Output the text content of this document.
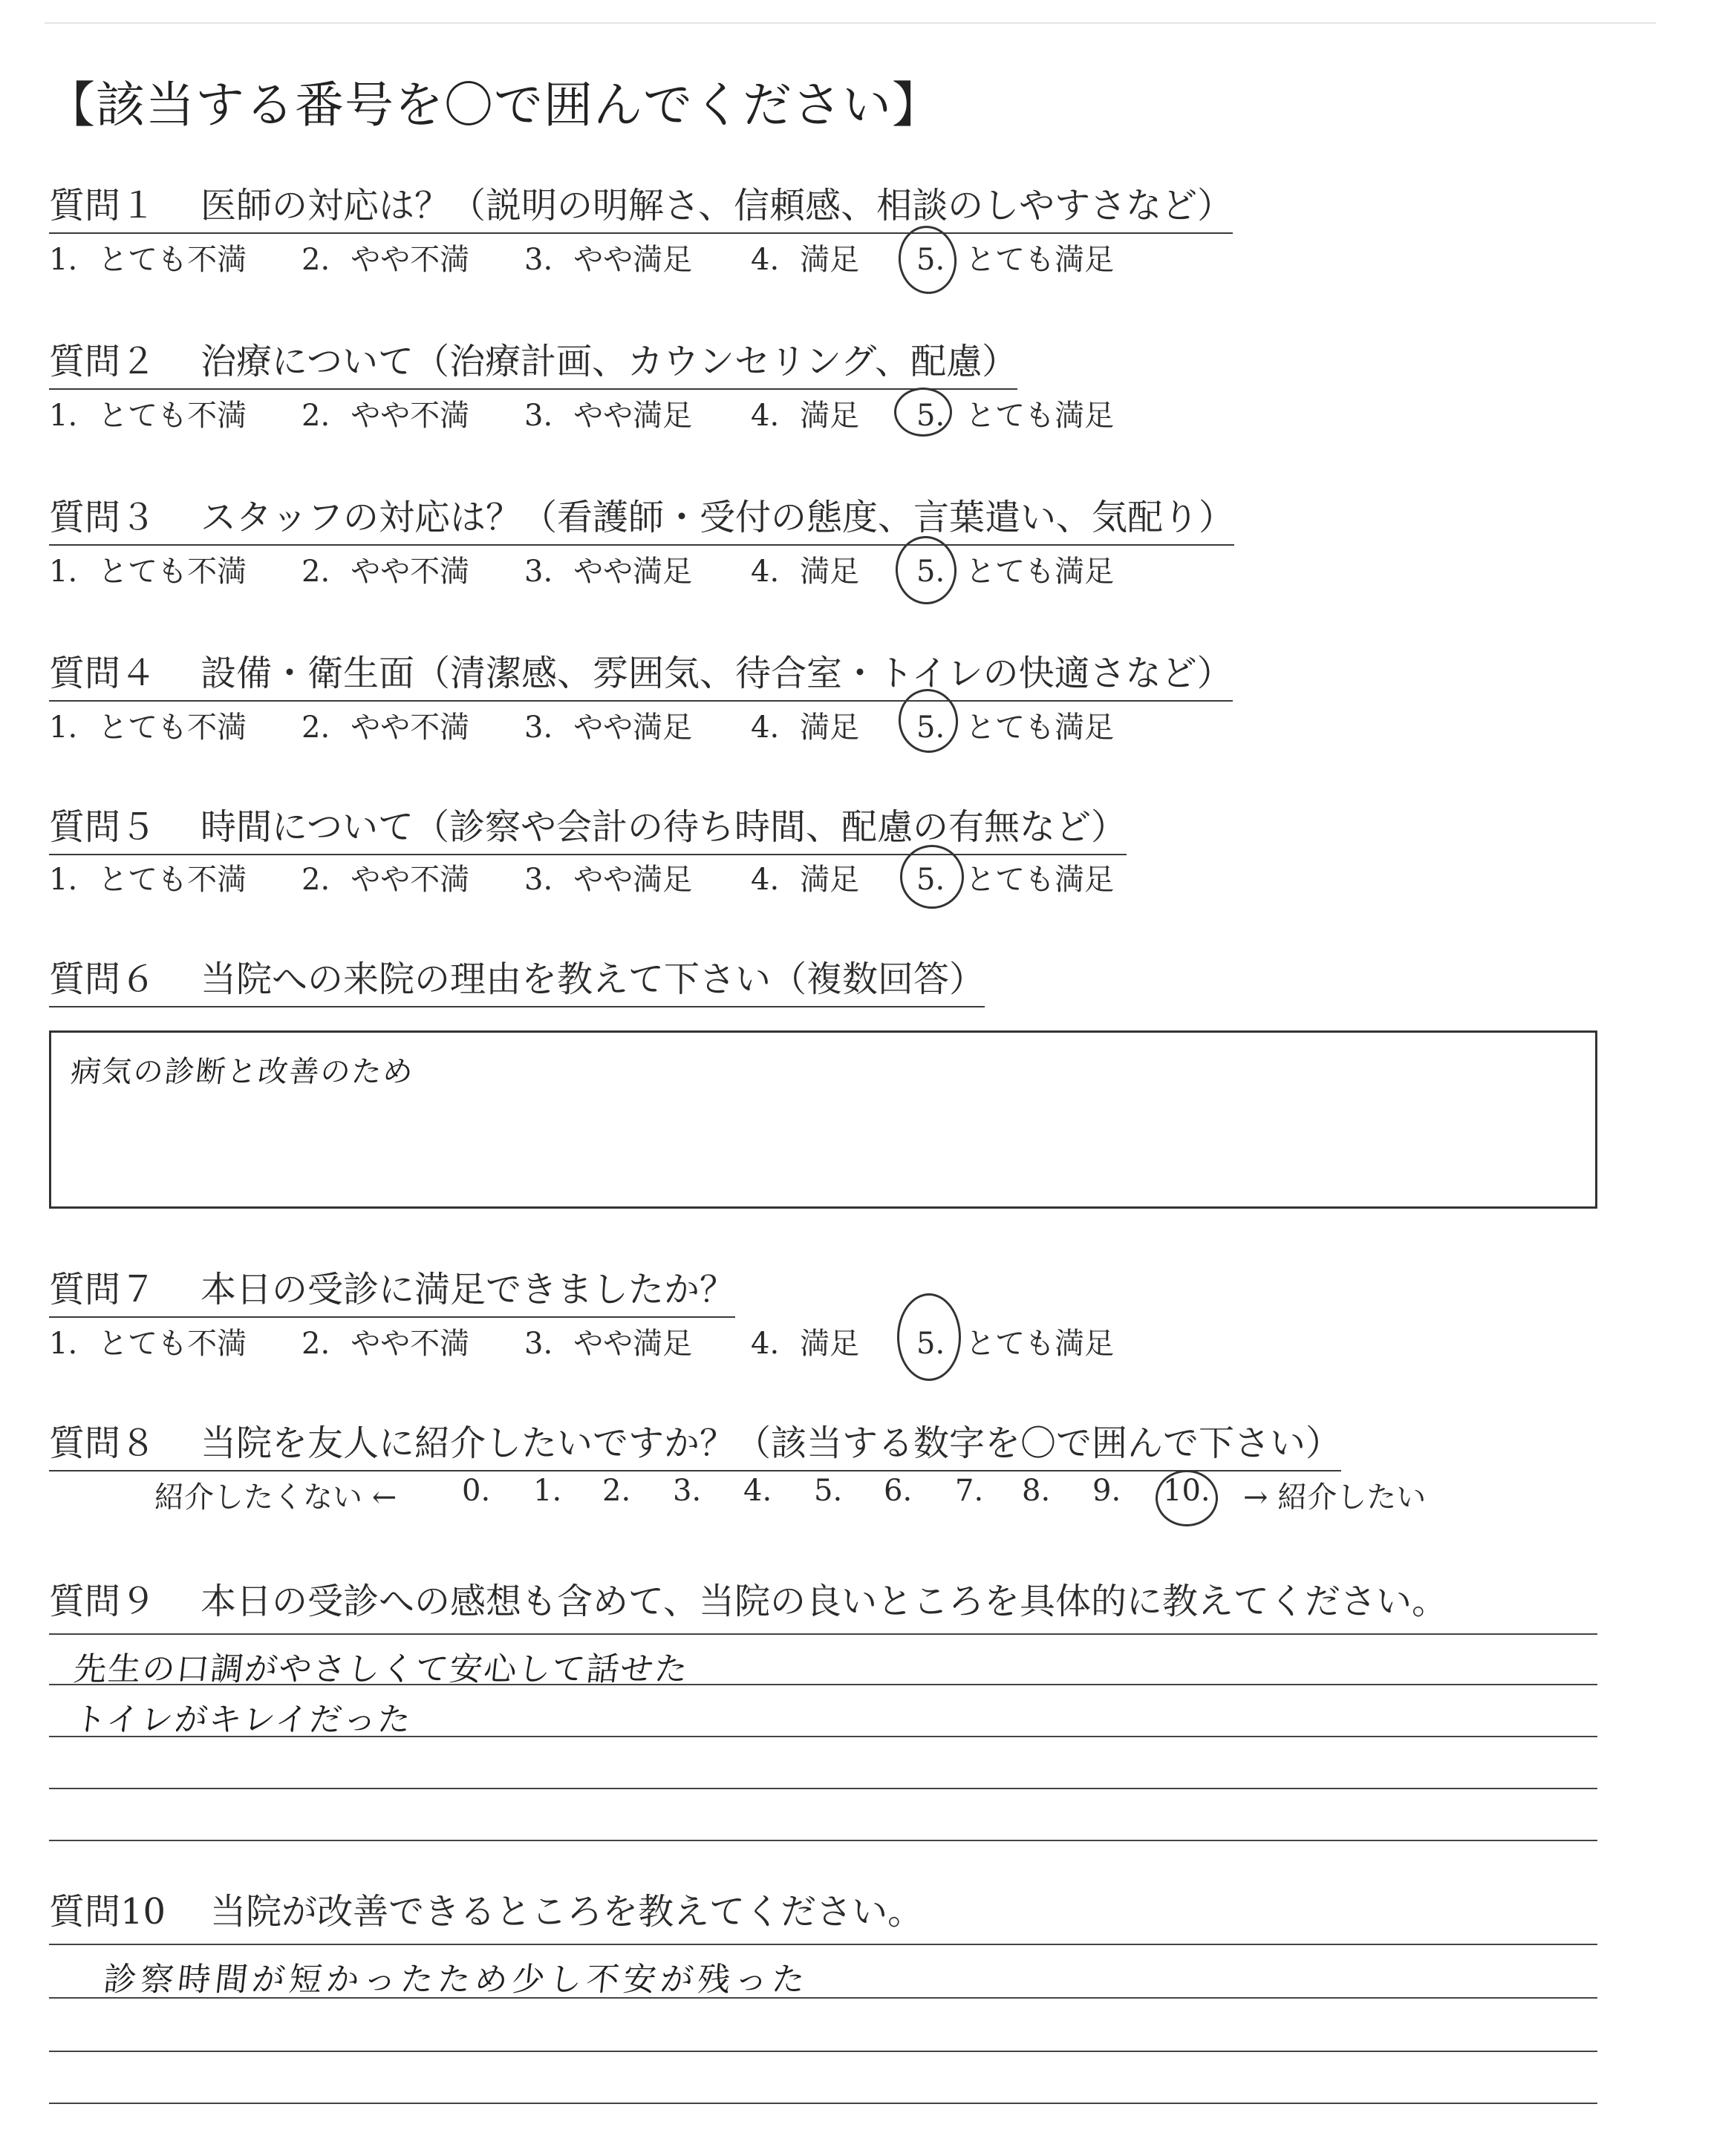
【該当する番号を〇で囲んでください】
質問１ 医師の対応は？（説明の明解さ、信頼感、相談のしやすさなど）
1. とても不満 2. やや不満 3. やや満足 4. 満足 5. とても満足
質問２ 治療について（治療計画、カウンセリング、配慮）
1. とても不満 2. やや不満 3. やや満足 4. 満足 5. とても満足
質問３ スタッフの対応は？（看護師・受付の態度、言葉遣い、気配り）
1. とても不満 2. やや不満 3. やや満足 4. 満足 5. とても満足
質問４ 設備・衛生面（清潔感、雰囲気、待合室・トイレの快適さなど）
1. とても不満 2. やや不満 3. やや満足 4. 満足 5. とても満足
質問５ 時間について（診察や会計の待ち時間、配慮の有無など）
1. とても不満 2. やや不満 3. やや満足 4. 満足 5. とても満足
質問６ 当院への来院の理由を教えて下さい（複数回答）
病気の診断と改善のため
質問７ 本日の受診に満足できましたか？
1. とても不満 2. やや不満 3. やや満足 4. 満足 5. とても満足
質問８ 当院を友人に紹介したいですか？（該当する数字を〇で囲んで下さい）
紹介したくない ← 0. 1. 2. 3. 4. 5. 6. 7. 8. 9. 10. → 紹介したい
質問９ 本日の受診への感想も含めて、当院の良いところを具体的に教えてください。
先生の口調がやさしくて安心して話せた
トイレがキレイだった
質問10 当院が改善できるところを教えてください。
診察時間が短かったため少し不安が残った
